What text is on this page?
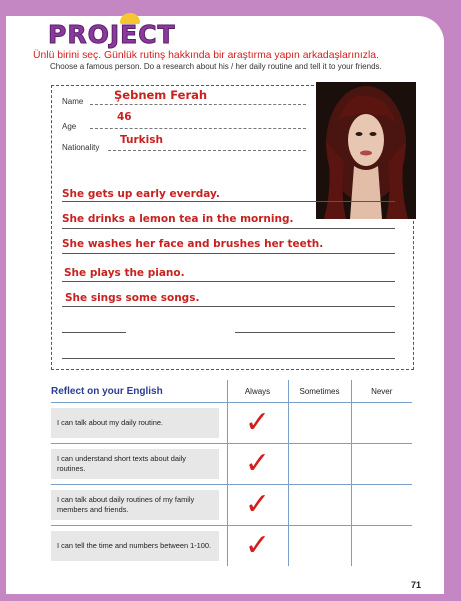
PROJECT
Ünlü birini seç. Günlük rutinş hakkında bir araştırma yapın arkadaşlarınızla.
Choose a famous person. Do a research about his / her daily routine and tell it to your friends.
Name	Şebnem Ferah
Age
46
Nationality
Turkish
She gets up early everday.
She drinks a lemon tea in the morning.
She washes her face and brushes her teeth.
She plays the piano.
She sings some songs.
Reflect on your English	Always	Sometimes	Never

I can talk about my daily routine.	✓		

I can understand short texts about daily routines.	✓		

I can talk about daily routines of my family members and friends.	✓		

I can tell the time and numbers between 1-100.	✓		
71
